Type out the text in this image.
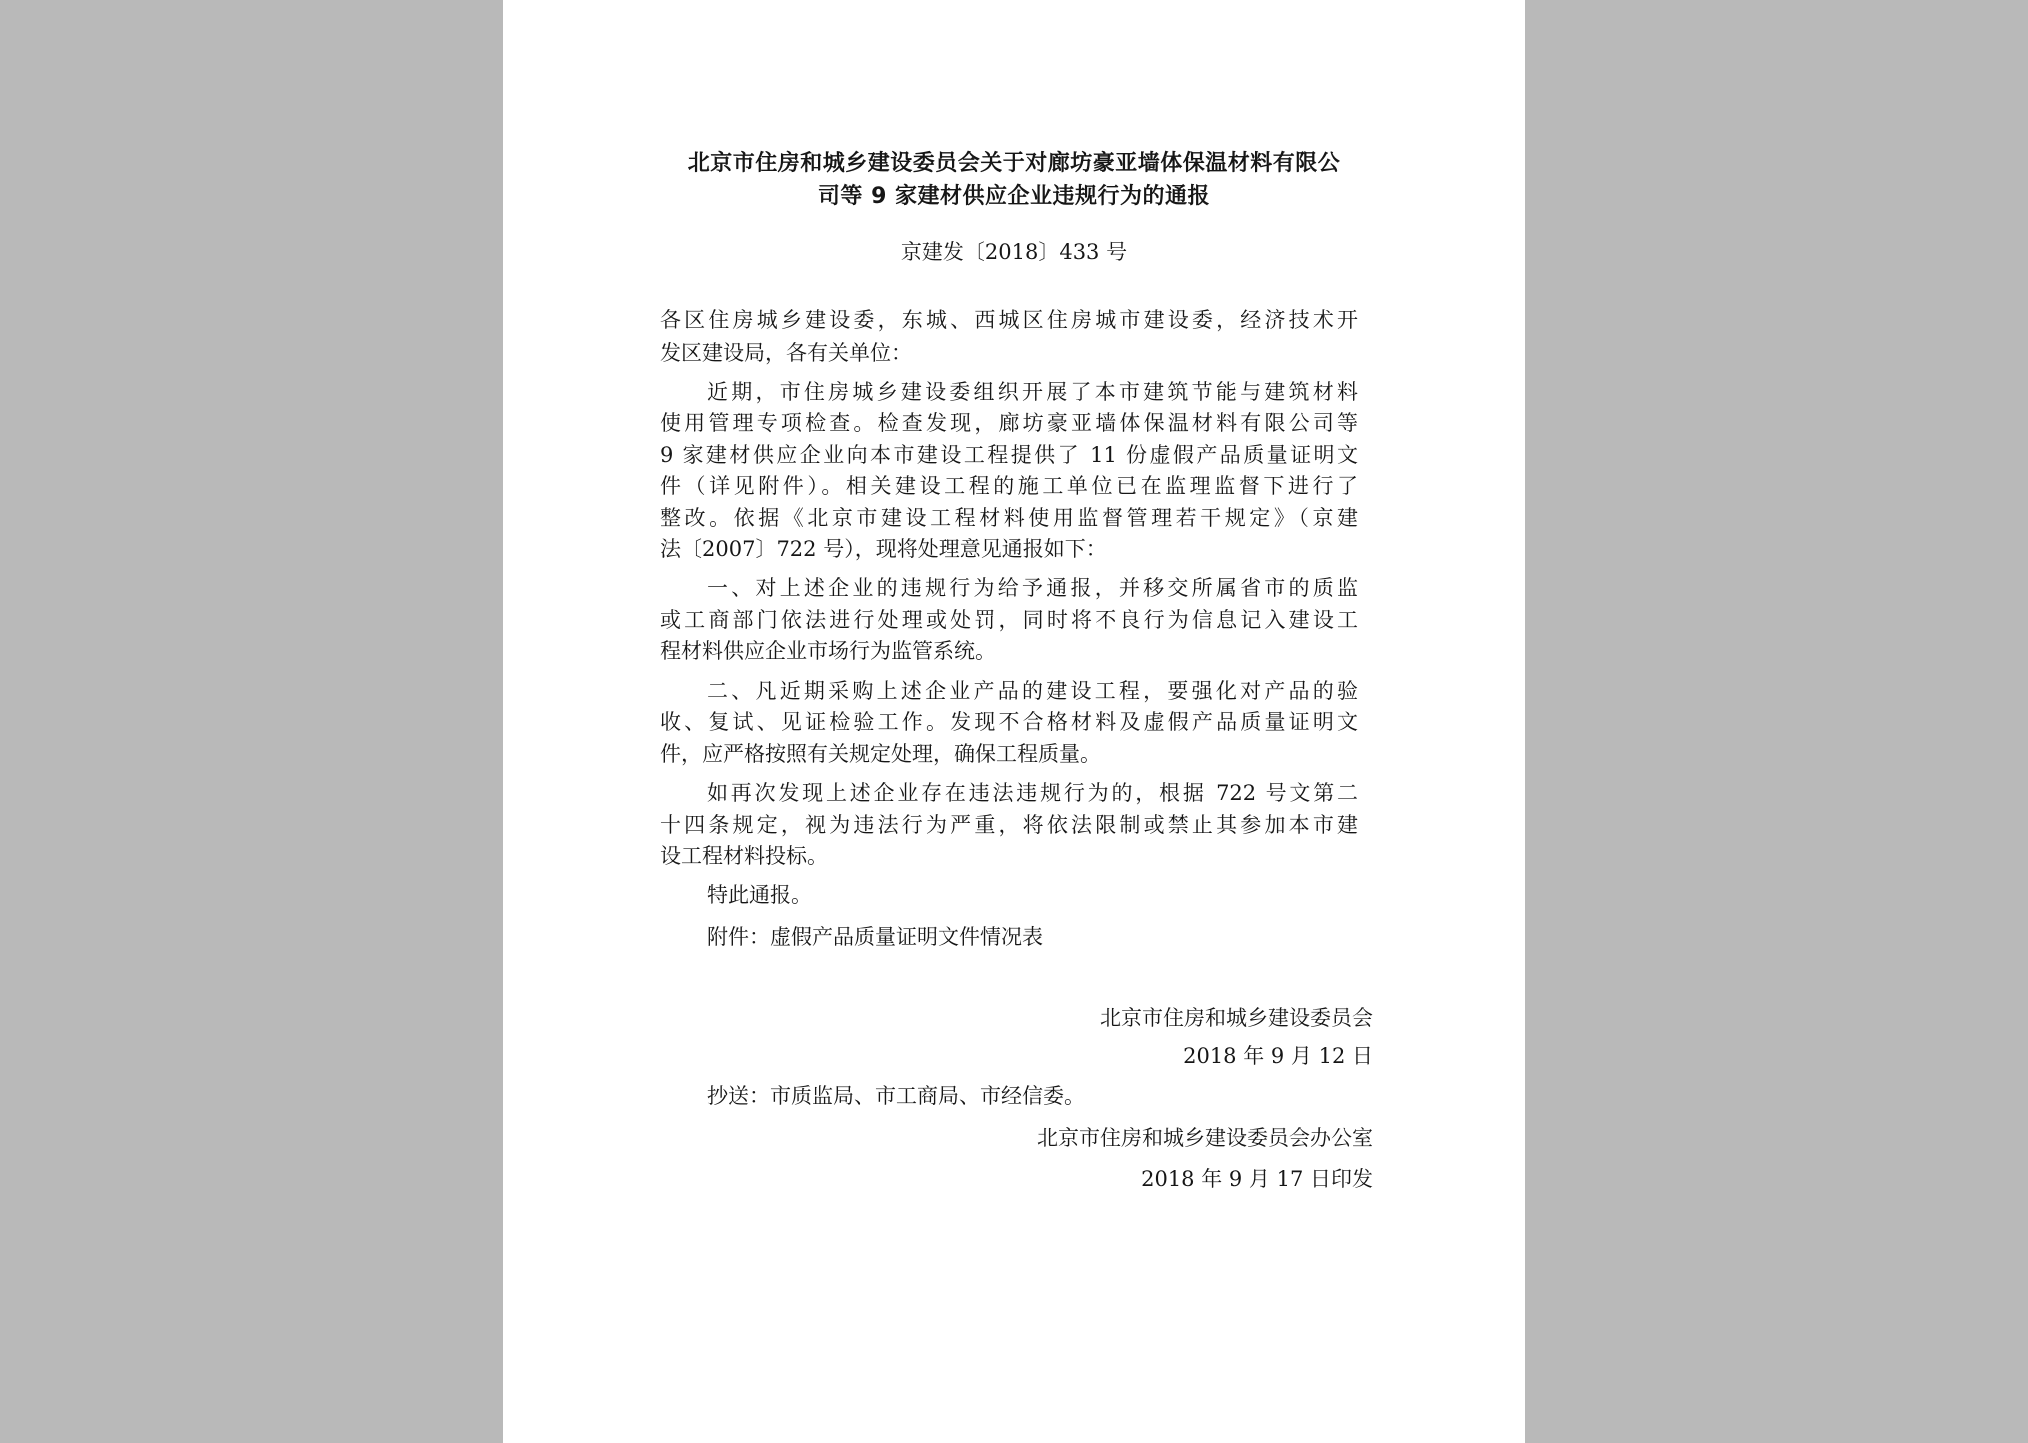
北京市住房和城乡建设委员会关于对廊坊豪亚墙体保温材料有限公
司等 9 家建材供应企业违规行为的通报
京建发〔2018〕433 号
各区住房城乡建设委，东城、西城区住房城市建设委，经济技术开
发区建设局，各有关单位：
近期，市住房城乡建设委组织开展了本市建筑节能与建筑材料
使用管理专项检查。检查发现，廊坊豪亚墙体保温材料有限公司等
9 家建材供应企业向本市建设工程提供了 11 份虚假产品质量证明文
件（详见附件）。相关建设工程的施工单位已在监理监督下进行了
整改。依据《北京市建设工程材料使用监督管理若干规定》（京建
法〔2007〕722 号），现将处理意见通报如下：
一、对上述企业的违规行为给予通报，并移交所属省市的质监
或工商部门依法进行处理或处罚，同时将不良行为信息记入建设工
程材料供应企业市场行为监管系统。
二、凡近期采购上述企业产品的建设工程，要强化对产品的验
收、复试、见证检验工作。发现不合格材料及虚假产品质量证明文
件，应严格按照有关规定处理，确保工程质量。
如再次发现上述企业存在违法违规行为的，根据 722 号文第二
十四条规定，视为违法行为严重，将依法限制或禁止其参加本市建
设工程材料投标。
特此通报。
附件：虚假产品质量证明文件情况表
北京市住房和城乡建设委员会
2018 年 9 月 12 日
抄送：市质监局、市工商局、市经信委。
北京市住房和城乡建设委员会办公室
2018 年 9 月 17 日印发
